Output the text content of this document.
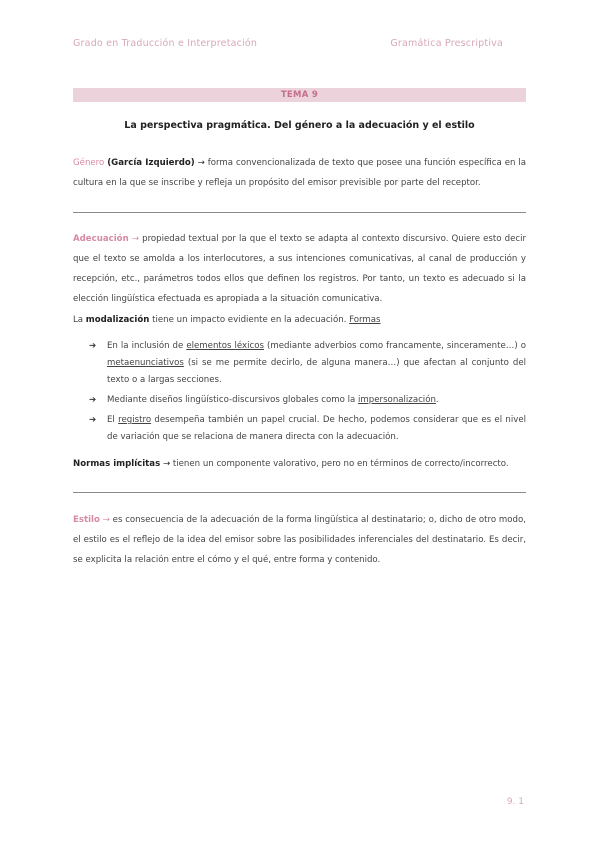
Grado en Traducción e Interpretación	Gramática Prescriptiva
TEMA 9
La perspectiva pragmática. Del género a la adecuación y el estilo
Género (García Izquierdo) → forma convencionalizada de texto que posee una función específica en la cultura en la que se inscribe y refleja un propósito del emisor previsible por parte del receptor.
Adecuación → propiedad textual por la que el texto se adapta al contexto discursivo. Quiere esto decir que el texto se amolda a los interlocutores, a sus intenciones comunicativas, al canal de producción y recepción, etc., parámetros todos ellos que definen los registros. Por tanto, un texto es adecuado si la elección lingüística efectuada es apropiada a la situación comunicativa.
La modalización tiene un impacto evidiente en la adecuación. Formas
➔ En la inclusión de elementos léxicos (mediante adverbios como francamente, sinceramente…) o metaenunciativos (si se me permite decirlo, de alguna manera…) que afectan al conjunto del texto o a largas secciones.
➔ Mediante diseños lingüístico-discursivos globales como la impersonalización.
➔ El registro desempeña también un papel crucial. De hecho, podemos considerar que es el nivel de variación que se relaciona de manera directa con la adecuación.
Normas implícitas → tienen un componente valorativo, pero no en términos de correcto/incorrecto.
Estilo → es consecuencia de la adecuación de la forma lingüística al destinatario; o, dicho de otro modo, el estilo es el reflejo de la idea del emisor sobre las posibilidades inferenciales del destinatario. Es decir, se explicita la relación entre el cómo y el qué, entre forma y contenido.
9. 1
